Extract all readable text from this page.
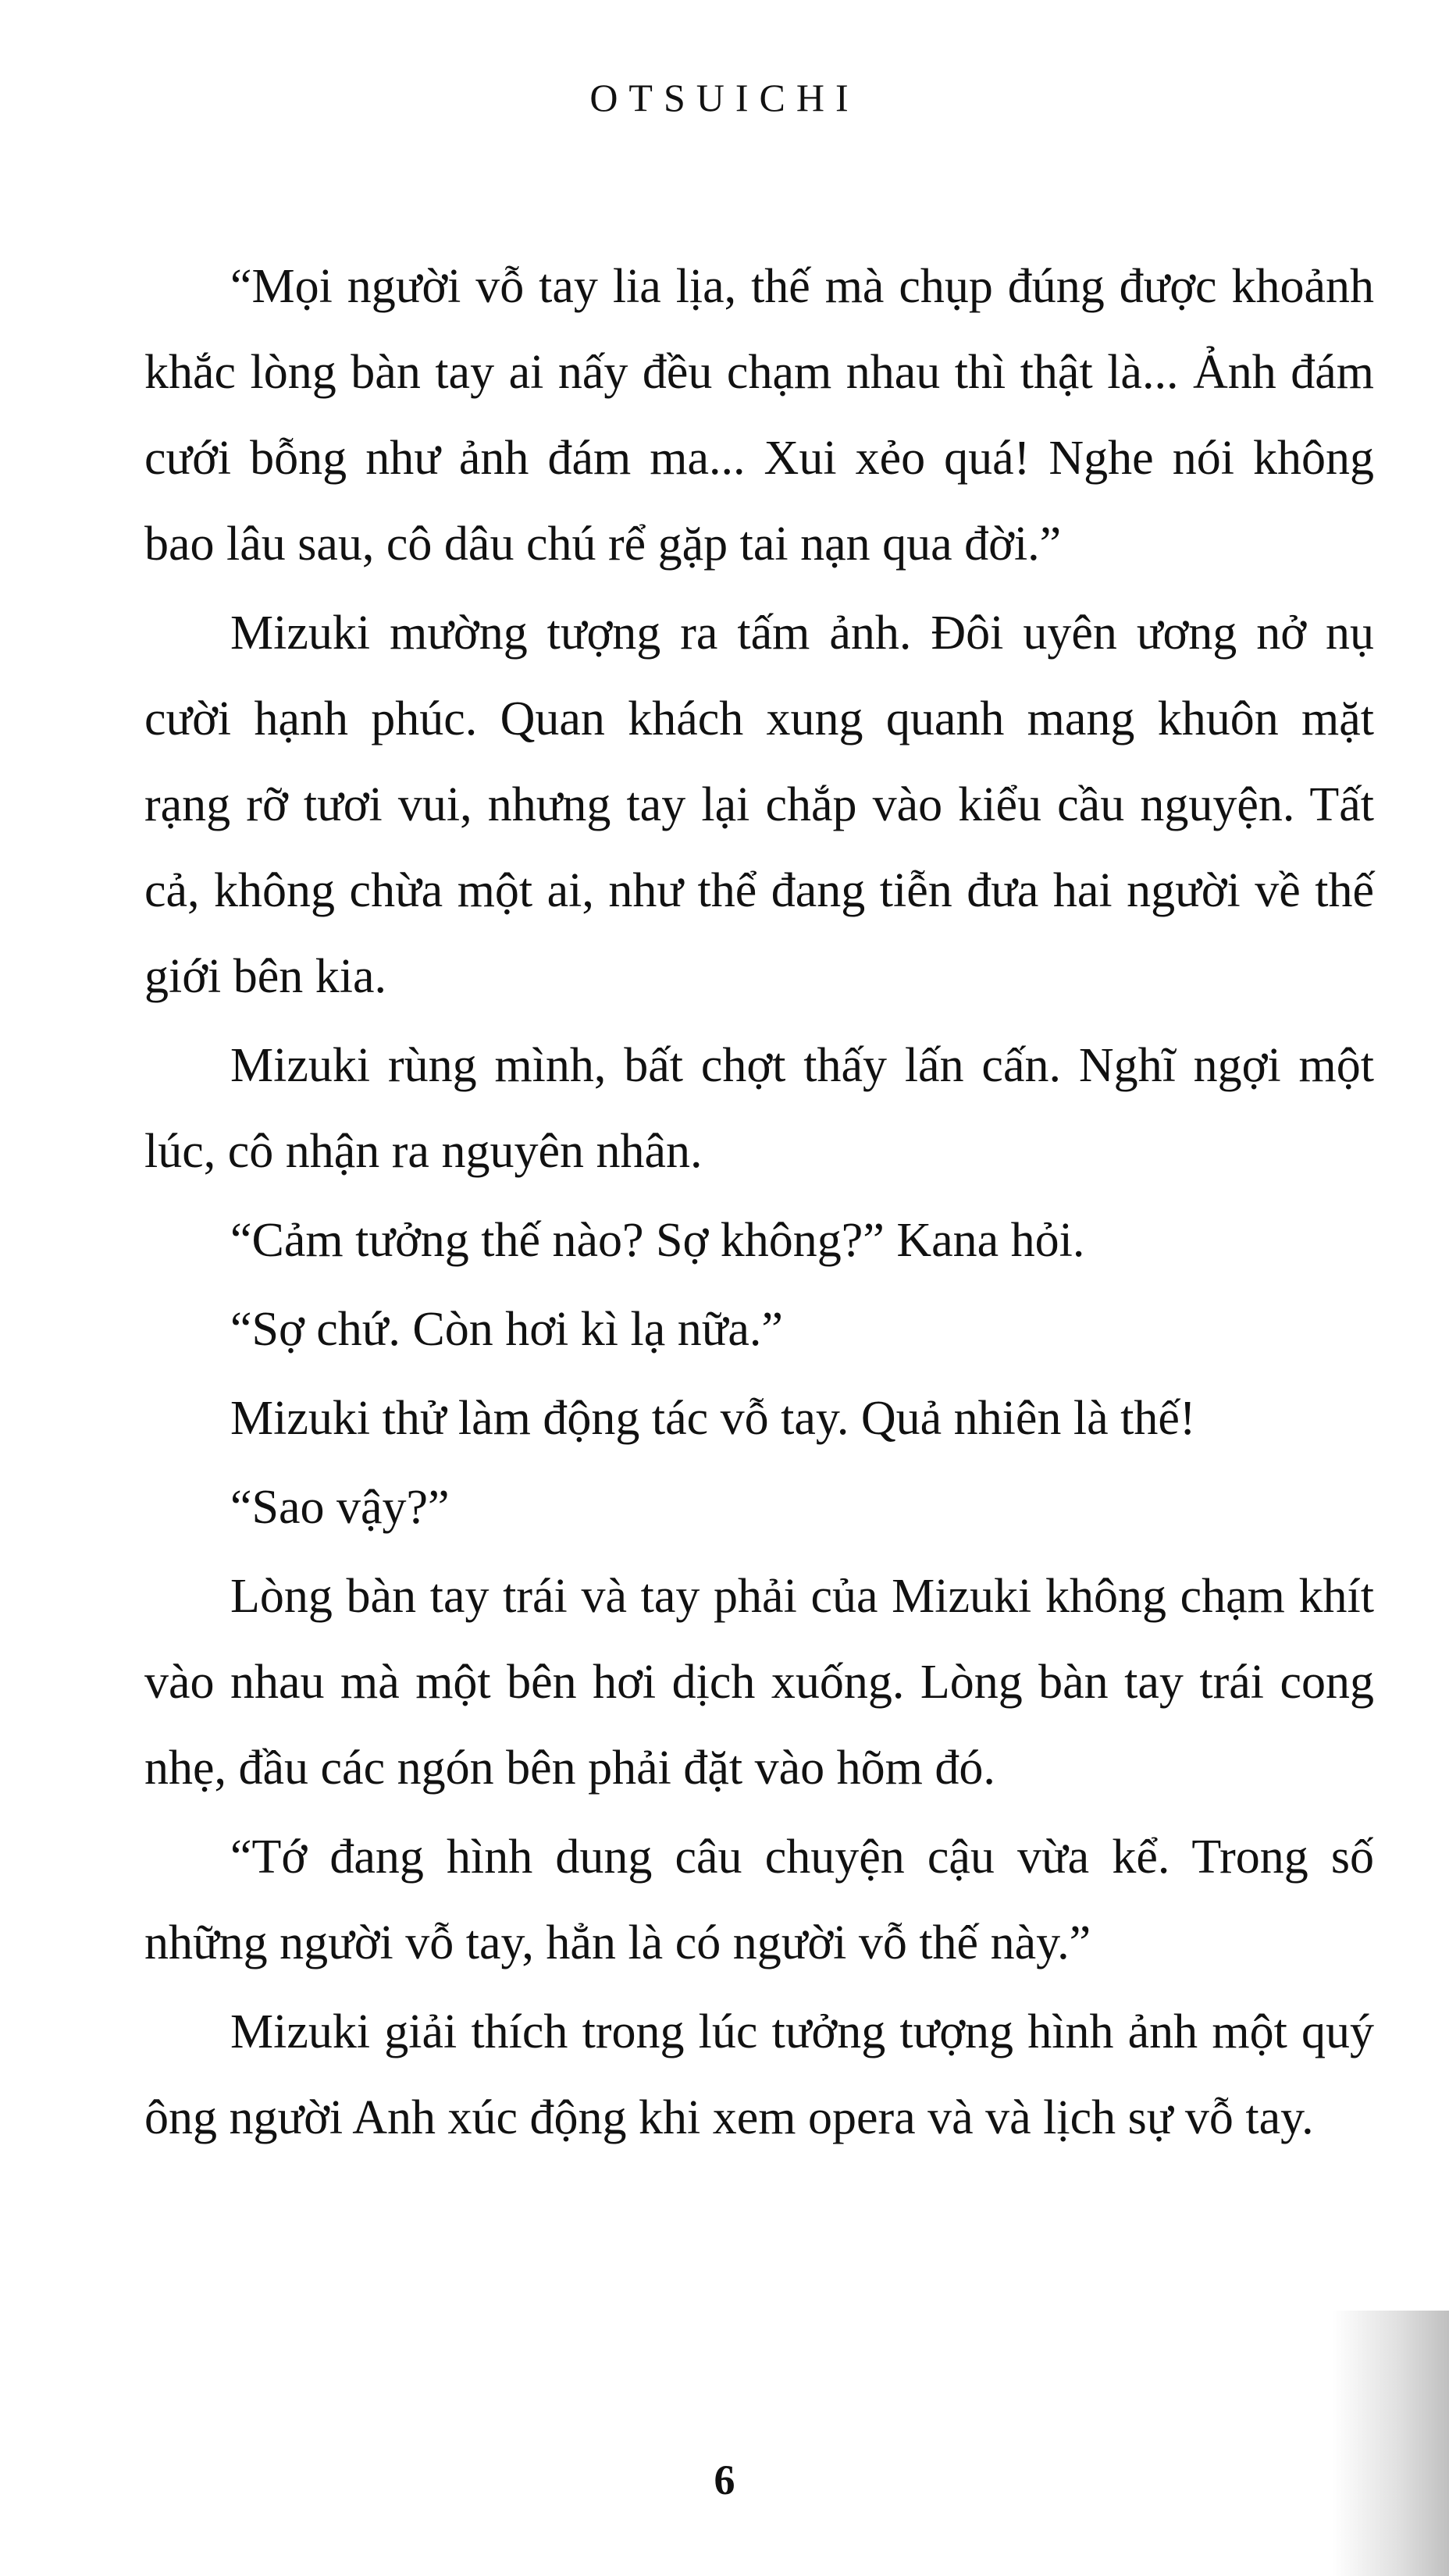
OTSUICHI

“Mọi người vỗ tay lia lịa, thế mà chụp đúng được khoảnh khắc lòng bàn tay ai nấy đều chạm nhau thì thật là... Ảnh đám cưới bỗng như ảnh đám ma... Xui xẻo quá! Nghe nói không bao lâu sau, cô dâu chú rể gặp tai nạn qua đời.”

Mizuki mường tượng ra tấm ảnh. Đôi uyên ương nở nụ cười hạnh phúc. Quan khách xung quanh mang khuôn mặt rạng rỡ tươi vui, nhưng tay lại chắp vào kiểu cầu nguyện. Tất cả, không chừa một ai, như thể đang tiễn đưa hai người về thế giới bên kia.

Mizuki rùng mình, bất chợt thấy lấn cấn. Nghĩ ngợi một lúc, cô nhận ra nguyên nhân.

“Cảm tưởng thế nào? Sợ không?” Kana hỏi.

“Sợ chứ. Còn hơi kì lạ nữa.”

Mizuki thử làm động tác vỗ tay. Quả nhiên là thế!

“Sao vậy?”

Lòng bàn tay trái và tay phải của Mizuki không chạm khít vào nhau mà một bên hơi dịch xuống. Lòng bàn tay trái cong nhẹ, đầu các ngón bên phải đặt vào hõm đó.

“Tớ đang hình dung câu chuyện cậu vừa kể. Trong số những người vỗ tay, hẳn là có người vỗ thế này.”

Mizuki giải thích trong lúc tưởng tượng hình ảnh một quý ông người Anh xúc động khi xem opera và và lịch sự vỗ tay.

6
